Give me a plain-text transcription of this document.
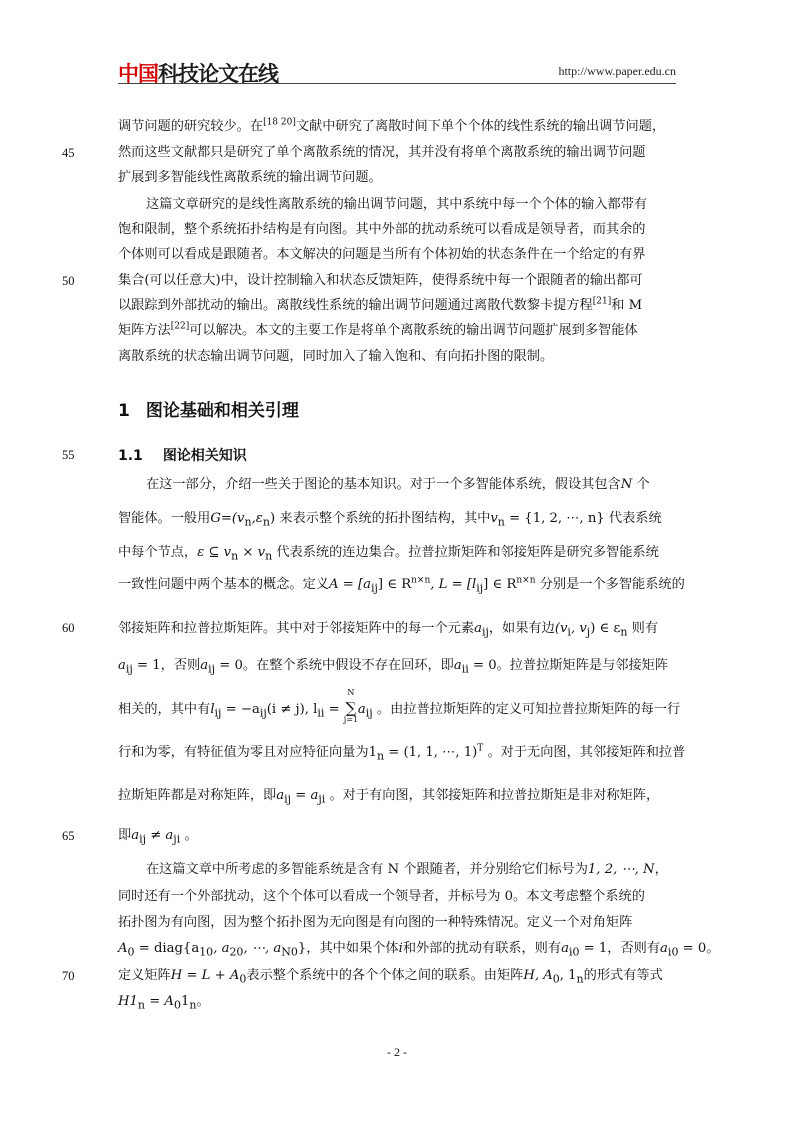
中国科技论文在线	http://www.paper.edu.cn
45
50
55
60
65
70
调节问题的研究较少。在[18 20]文献中研究了离散时间下单个个体的线性系统的输出调节问题，
然而这些文献都只是研究了单个离散系统的情况，其并没有将单个离散系统的输出调节问题
扩展到多智能线性离散系统的输出调节问题。
这篇文章研究的是线性离散系统的输出调节问题，其中系统中每一个个体的输入都带有
饱和限制，整个系统拓扑结构是有向图。其中外部的扰动系统可以看成是领导者，而其余的
个体则可以看成是跟随者。本文解决的问题是当所有个体初始的状态条件在一个给定的有界
集合(可以任意大)中，设计控制输入和状态反馈矩阵，使得系统中每一个跟随者的输出都可
以跟踪到外部扰动的输出。离散线性系统的输出调节问题通过离散代数黎卡提方程[21]和 M
矩阵方法[22]可以解决。本文的主要工作是将单个离散系统的输出调节问题扩展到多智能体
离散系统的状态输出调节问题，同时加入了输入饱和、有向拓扑图的限制。
1 图论基础和相关引理
1.1 图论相关知识
在这一部分，介绍一些关于图论的基本知识。对于一个多智能体系统，假设其包含N 个
智能体。一般用$G=(v_n,\varepsilon_n)$ 来表示整个系统的拓扑图结构，其中$v_n = \{1$, 2, ⋯, n} 代表系统
中每个节点，ε ⊆ $v_n \times v_n$ 代表系统的连边集合。拉普拉斯矩阵和邻接矩阵是研究多智能系统
一致性问题中两个基本的概念。定义$A = [a_{ij}]$ ∈ $R^{n\times n}$, $L = [l_{ij}]$ ∈ $R^{n\times n}$ 分别是一个多智能系统的
邻接矩阵和拉普拉斯矩阵。其中对于邻接矩阵中的每一个元素$a_{ij}$，如果有边($v_i$, $v_j$) ∈ $\varepsilon_n$ 则有
$a_{ij} = 1$，否则$a_{ij} = 0$。在整个系统中假设不存在回环，即$a_{ii} = 0$。拉普拉斯矩阵是与邻接矩阵
相关的，其中有$l_{ij} = -a_{ij}(i \ne j)$, $l_{ii}$ =
N
∑
j=1
$a_{ij}$ 。由拉普拉斯矩阵的定义可知拉普拉斯矩阵的每一行
行和为零，有特征值为零且对应特征向量为$1_n = (1$, 1, ⋯, 1)$^T$ 。对于无向图，其邻接矩阵和拉普
拉斯矩阵都是对称矩阵，即$a_{ij} = a_{ji}$ 。对于有向图，其邻接矩阵和拉普拉斯矩是非对称矩阵，
即$a_{ij} \ne a_{ji}$ 。
在这篇文章中所考虑的多智能系统是含有 N 个跟随者，并分别给它们标号为1, 2, ⋯, N，
同时还有一个外部扰动，这个个体可以看成一个领导者，并标号为 0。本文考虑整个系统的
拓扑图为有向图，因为整个拓扑图为无向图是有向图的一种特殊情况。定义一个对角矩阵
$A_0$ = $diag\{a_{10}$, $a_{20}$, ⋯, $a_{N0}$}，其中如果个体i和外部的扰动有联系，则有$a_{i0} = 1$，否则有$a_{i0} = 0$。
定义矩阵$H = L + A_0$表示整个系统中的各个个体之间的联系。由矩阵H, $A_0$, $1_n$的形式有等式
$H1_n = A_01_n$。
- 2 -
